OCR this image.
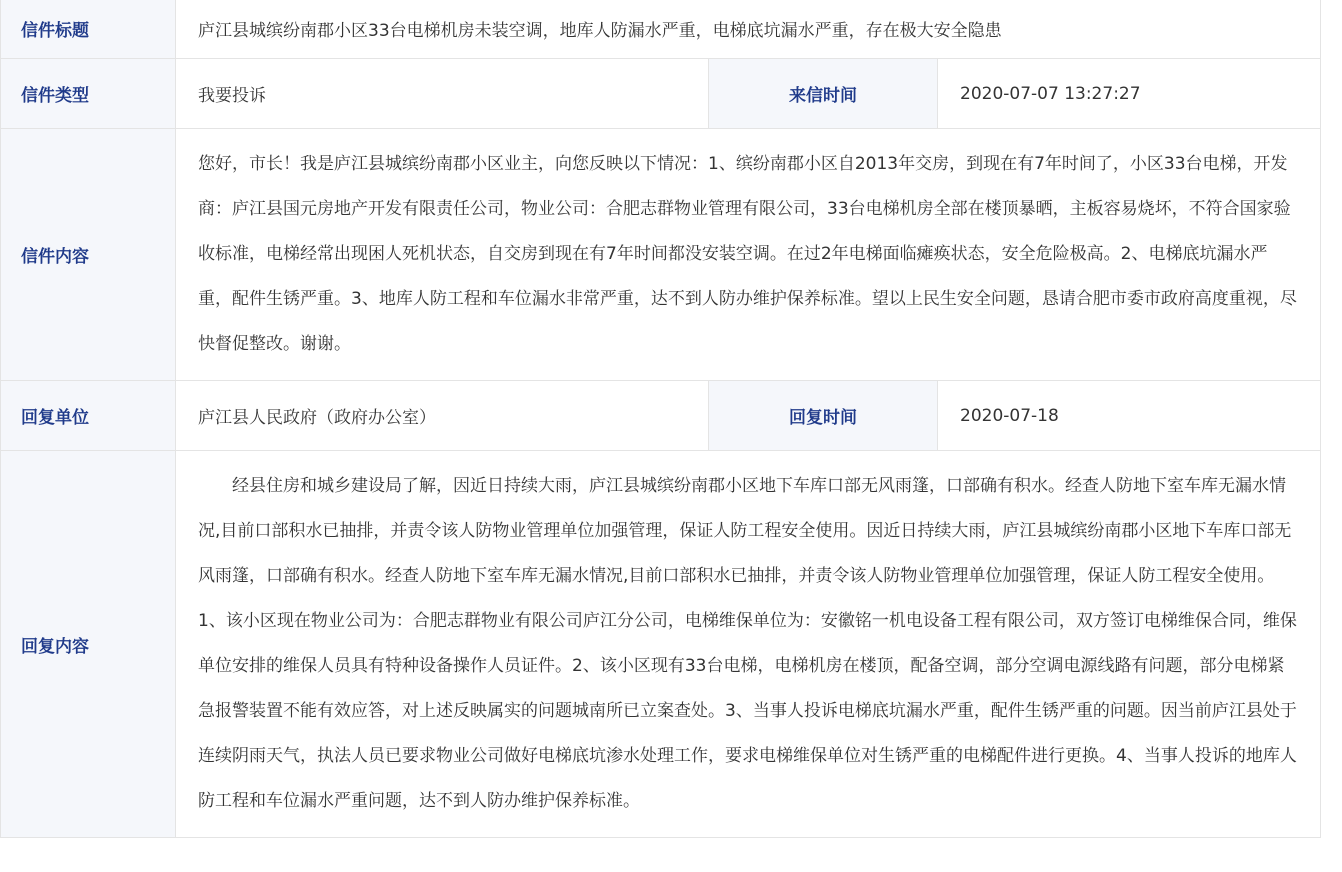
信件标题	庐江县城缤纷南郡小区33台电梯机房未装空调，地库人防漏水严重，电梯底坑漏水严重，存在极大安全隐患		
信件类型	我要投诉	来信时间	2020-07-07 13:27:27
信件内容	您好，市长！我是庐江县城缤纷南郡小区业主，向您反映以下情况：1、缤纷南郡小区自2013年交房，到现在有7年时间了，小区33台电梯，开发商：庐江县国元房地产开发有限责任公司，物业公司：合肥志群物业管理有限公司，33台电梯机房全部在楼顶暴晒，主板容易烧坏，不符合国家验收标准，电梯经常出现困人死机状态，自交房到现在有7年时间都没安装空调。在过2年电梯面临瘫痪状态，安全危险极高。2、电梯底坑漏水严重，配件生锈严重。3、地库人防工程和车位漏水非常严重，达不到人防办维护保养标准。望以上民生安全问题，恳请合肥市委市政府高度重视，尽快督促整改。谢谢。		

回复单位	庐江县人民政府（政府办公室）	回复时间	2020-07-18
回复内容	经县住房和城乡建设局了解，因近日持续大雨，庐江县城缤纷南郡小区地下车库口部无风雨篷，口部确有积水。经查人防地下室车库无漏水情况,目前口部积水已抽排，并责令该人防物业管理单位加强管理，保证人防工程安全使用。因近日持续大雨，庐江县城缤纷南郡小区地下车库口部无风雨篷，口部确有积水。经查人防地下室车库无漏水情况,目前口部积水已抽排，并责令该人防物业管理单位加强管理，保证人防工程安全使用。1、该小区现在物业公司为：合肥志群物业有限公司庐江分公司，电梯维保单位为：安徽铭一机电设备工程有限公司，双方签订电梯维保合同，维保单位安排的维保人员具有特种设备操作人员证件。2、该小区现有33台电梯，电梯机房在楼顶，配备空调，部分空调电源线路有问题，部分电梯紧急报警装置不能有效应答，对上述反映属实的问题城南所已立案查处。3、当事人投诉电梯底坑漏水严重，配件生锈严重的问题。因当前庐江县处于连续阴雨天气，执法人员已要求物业公司做好电梯底坑渗水处理工作，要求电梯维保单位对生锈严重的电梯配件进行更换。4、当事人投诉的地库人防工程和车位漏水严重问题，达不到人防办维护保养标准。		
